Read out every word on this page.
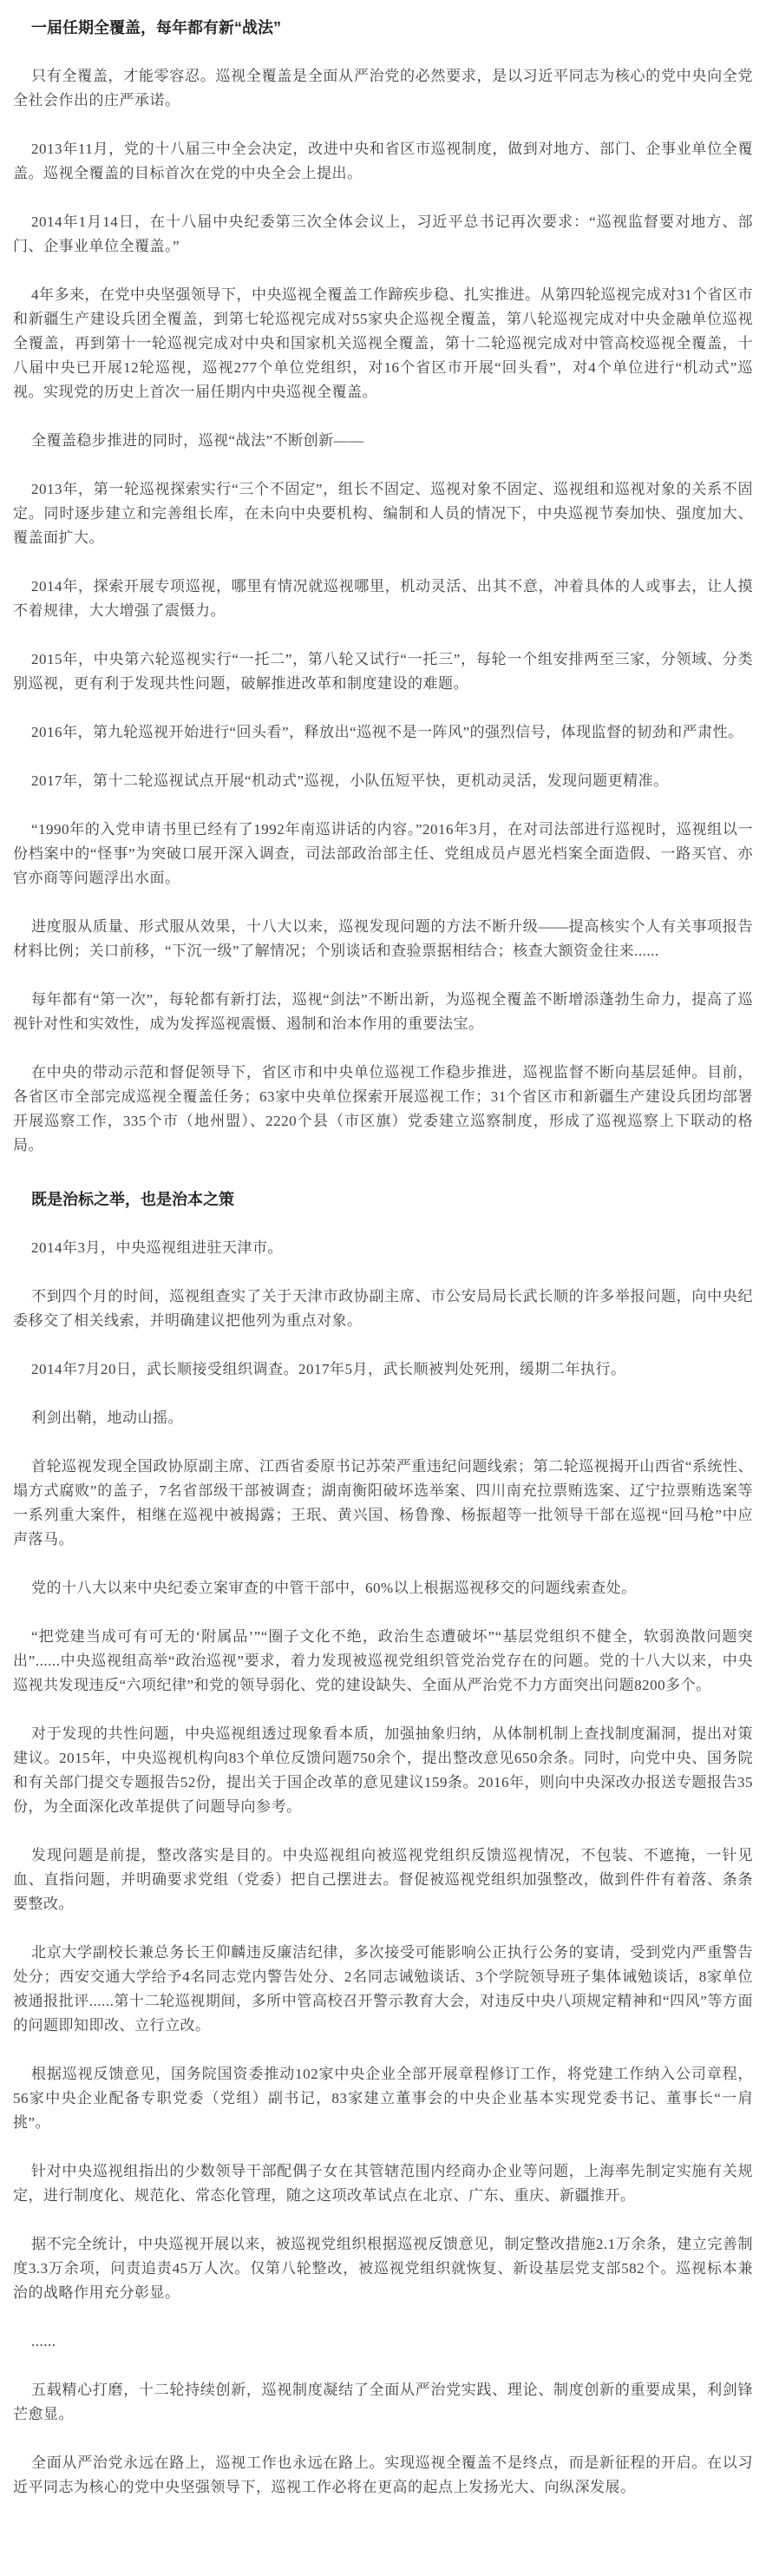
一届任期全覆盖，每年都有新“战法”

只有全覆盖，才能零容忍。巡视全覆盖是全面从严治党的必然要求，是以习近平同志为核心的党中央向全党全社会作出的庄严承诺。

2013年11月，党的十八届三中全会决定，改进中央和省区市巡视制度，做到对地方、部门、企事业单位全覆盖。巡视全覆盖的目标首次在党的中央全会上提出。

2014年1月14日，在十八届中央纪委第三次全体会议上，习近平总书记再次要求：“巡视监督要对地方、部门、企事业单位全覆盖。”

4年多来，在党中央坚强领导下，中央巡视全覆盖工作蹄疾步稳、扎实推进。从第四轮巡视完成对31个省区市和新疆生产建设兵团全覆盖，到第七轮巡视完成对55家央企巡视全覆盖，第八轮巡视完成对中央金融单位巡视全覆盖，再到第十一轮巡视完成对中央和国家机关巡视全覆盖，第十二轮巡视完成对中管高校巡视全覆盖，十八届中央已开展12轮巡视，巡视277个单位党组织，对16个省区市开展“回头看”，对4个单位进行“机动式”巡视。实现党的历史上首次一届任期内中央巡视全覆盖。

全覆盖稳步推进的同时，巡视“战法”不断创新——

2013年，第一轮巡视探索实行“三个不固定”，组长不固定、巡视对象不固定、巡视组和巡视对象的关系不固定。同时逐步建立和完善组长库，在未向中央要机构、编制和人员的情况下，中央巡视节奏加快、强度加大、覆盖面扩大。

2014年，探索开展专项巡视，哪里有情况就巡视哪里，机动灵活、出其不意，冲着具体的人或事去，让人摸不着规律，大大增强了震慑力。

2015年，中央第六轮巡视实行“一托二”，第八轮又试行“一托三”，每轮一个组安排两至三家，分领域、分类别巡视，更有利于发现共性问题，破解推进改革和制度建设的难题。

2016年，第九轮巡视开始进行“回头看”，释放出“巡视不是一阵风”的强烈信号，体现监督的韧劲和严肃性。

2017年，第十二轮巡视试点开展“机动式”巡视，小队伍短平快，更机动灵活，发现问题更精准。

“1990年的入党申请书里已经有了1992年南巡讲话的内容。”2016年3月，在对司法部进行巡视时，巡视组以一份档案中的“怪事”为突破口展开深入调查，司法部政治部主任、党组成员卢恩光档案全面造假、一路买官、亦官亦商等问题浮出水面。

进度服从质量、形式服从效果，十八大以来，巡视发现问题的方法不断升级——提高核实个人有关事项报告材料比例；关口前移，“下沉一级”了解情况；个别谈话和查验票据相结合；核查大额资金往来......

每年都有“第一次”，每轮都有新打法，巡视“剑法”不断出新，为巡视全覆盖不断增添蓬勃生命力，提高了巡视针对性和实效性，成为发挥巡视震慑、遏制和治本作用的重要法宝。

在中央的带动示范和督促领导下，省区市和中央单位巡视工作稳步推进，巡视监督不断向基层延伸。目前，各省区市全部完成巡视全覆盖任务；63家中央单位探索开展巡视工作；31个省区市和新疆生产建设兵团均部署开展巡察工作，335个市（地州盟）、2220个县（市区旗）党委建立巡察制度，形成了巡视巡察上下联动的格局。

既是治标之举，也是治本之策

2014年3月，中央巡视组进驻天津市。

不到四个月的时间，巡视组查实了关于天津市政协副主席、市公安局局长武长顺的许多举报问题，向中央纪委移交了相关线索，并明确建议把他列为重点对象。

2014年7月20日，武长顺接受组织调查。2017年5月，武长顺被判处死刑，缓期二年执行。

利剑出鞘，地动山摇。

首轮巡视发现全国政协原副主席、江西省委原书记苏荣严重违纪问题线索；第二轮巡视揭开山西省“系统性、塌方式腐败”的盖子，7名省部级干部被调查；湖南衡阳破坏选举案、四川南充拉票贿选案、辽宁拉票贿选案等一系列重大案件，相继在巡视中被揭露；王珉、黄兴国、杨鲁豫、杨振超等一批领导干部在巡视“回马枪”中应声落马。

党的十八大以来中央纪委立案审查的中管干部中，60%以上根据巡视移交的问题线索查处。

“把党建当成可有可无的‘附属品’”“圈子文化不绝，政治生态遭破坏”“基层党组织不健全，软弱涣散问题突出”......中央巡视组高举“政治巡视”要求，着力发现被巡视党组织管党治党存在的问题。党的十八大以来，中央巡视共发现违反“六项纪律”和党的领导弱化、党的建设缺失、全面从严治党不力方面突出问题8200多个。

对于发现的共性问题，中央巡视组透过现象看本质，加强抽象归纳，从体制机制上查找制度漏洞，提出对策建议。2015年，中央巡视机构向83个单位反馈问题750余个，提出整改意见650余条。同时，向党中央、国务院和有关部门提交专题报告52份，提出关于国企改革的意见建议159条。2016年，则向中央深改办报送专题报告35份，为全面深化改革提供了问题导向参考。

发现问题是前提，整改落实是目的。中央巡视组向被巡视党组织反馈巡视情况，不包装、不遮掩，一针见血、直指问题，并明确要求党组（党委）把自己摆进去。督促被巡视党组织加强整改，做到件件有着落、条条要整改。

北京大学副校长兼总务长王仰麟违反廉洁纪律，多次接受可能影响公正执行公务的宴请，受到党内严重警告处分；西安交通大学给予4名同志党内警告处分、2名同志诫勉谈话、3个学院领导班子集体诫勉谈话，8家单位被通报批评......第十二轮巡视期间，多所中管高校召开警示教育大会，对违反中央八项规定精神和“四风”等方面的问题即知即改、立行立改。

根据巡视反馈意见，国务院国资委推动102家中央企业全部开展章程修订工作，将党建工作纳入公司章程，56家中央企业配备专职党委（党组）副书记，83家建立董事会的中央企业基本实现党委书记、董事长“一肩挑”。

针对中央巡视组指出的少数领导干部配偶子女在其管辖范围内经商办企业等问题，上海率先制定实施有关规定，进行制度化、规范化、常态化管理，随之这项改革试点在北京、广东、重庆、新疆推开。

据不完全统计，中央巡视开展以来，被巡视党组织根据巡视反馈意见，制定整改措施2.1万余条，建立完善制度3.3万余项，问责追责45万人次。仅第八轮整改，被巡视党组织就恢复、新设基层党支部582个。巡视标本兼治的战略作用充分彰显。

......

五载精心打磨，十二轮持续创新，巡视制度凝结了全面从严治党实践、理论、制度创新的重要成果，利剑锋芒愈显。

全面从严治党永远在路上，巡视工作也永远在路上。实现巡视全覆盖不是终点，而是新征程的开启。在以习近平同志为核心的党中央坚强领导下，巡视工作必将在更高的起点上发扬光大、向纵深发展。
